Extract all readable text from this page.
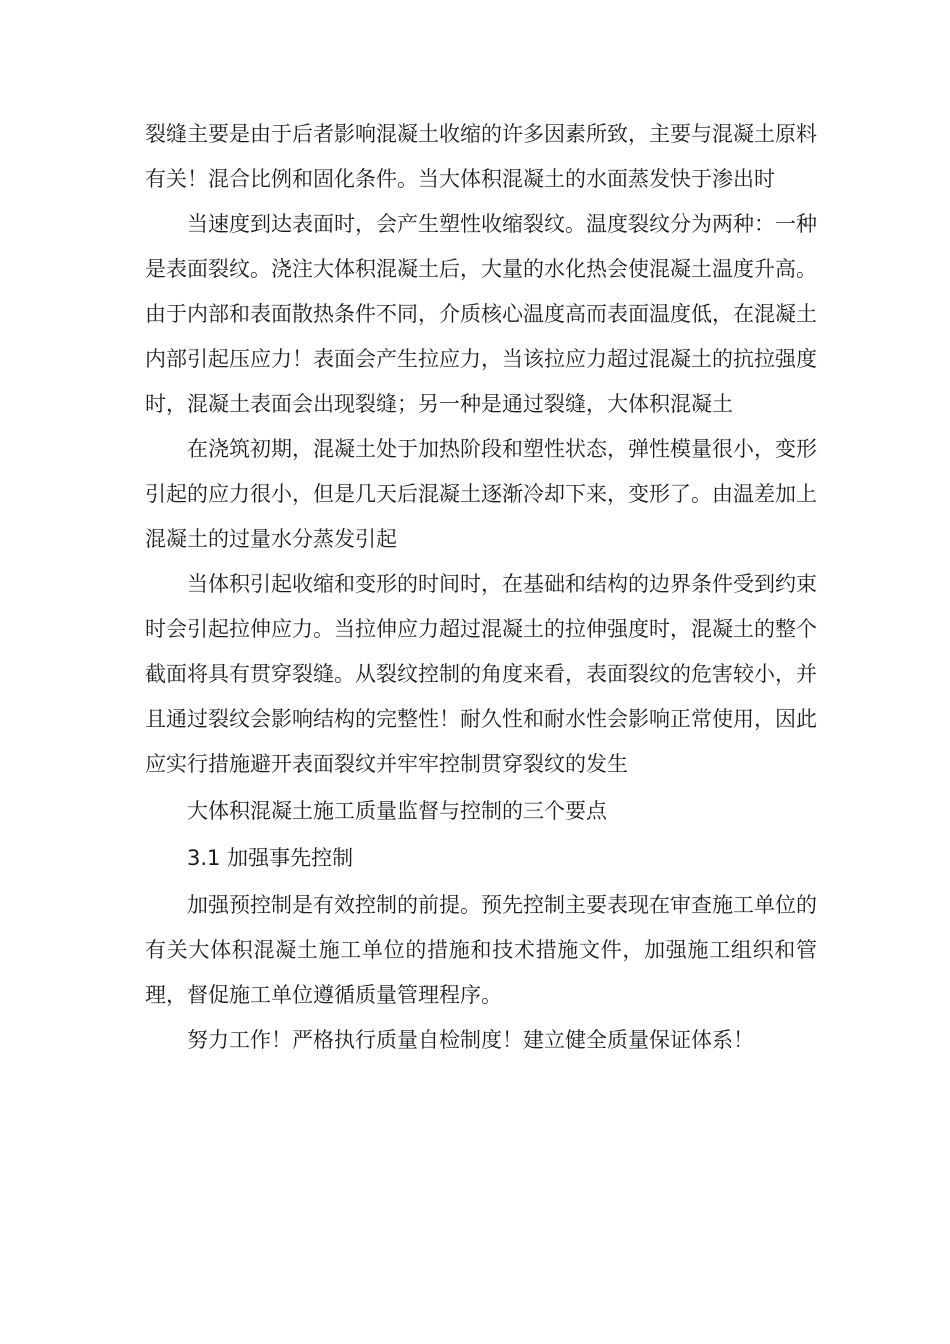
裂缝主要是由于后者影响混凝土收缩的许多因素所致，主要与混凝土原料有关！混合比例和固化条件。当大体积混凝土的水面蒸发快于渗出时

当速度到达表面时，会产生塑性收缩裂纹。温度裂纹分为两种：一种是表面裂纹。浇注大体积混凝土后，大量的水化热会使混凝土温度升高。由于内部和表面散热条件不同，介质核心温度高而表面温度低，在混凝土内部引起压应力！表面会产生拉应力，当该拉应力超过混凝土的抗拉强度时，混凝土表面会出现裂缝；另一种是通过裂缝，大体积混凝土

在浇筑初期，混凝土处于加热阶段和塑性状态，弹性模量很小，变形引起的应力很小，但是几天后混凝土逐渐冷却下来，变形了。由温差加上混凝土的过量水分蒸发引起

当体积引起收缩和变形的时间时，在基础和结构的边界条件受到约束时会引起拉伸应力。当拉伸应力超过混凝土的拉伸强度时，混凝土的整个截面将具有贯穿裂缝。从裂纹控制的角度来看，表面裂纹的危害较小，并且通过裂纹会影响结构的完整性！耐久性和耐水性会影响正常使用，因此应实行措施避开表面裂纹并牢牢控制贯穿裂纹的发生

大体积混凝土施工质量监督与控制的三个要点

3.1 加强事先控制

加强预控制是有效控制的前提。预先控制主要表现在审查施工单位的有关大体积混凝土施工单位的措施和技术措施文件，加强施工组织和管理，督促施工单位遵循质量管理程序。

努力工作！严格执行质量自检制度！建立健全质量保证体系！
